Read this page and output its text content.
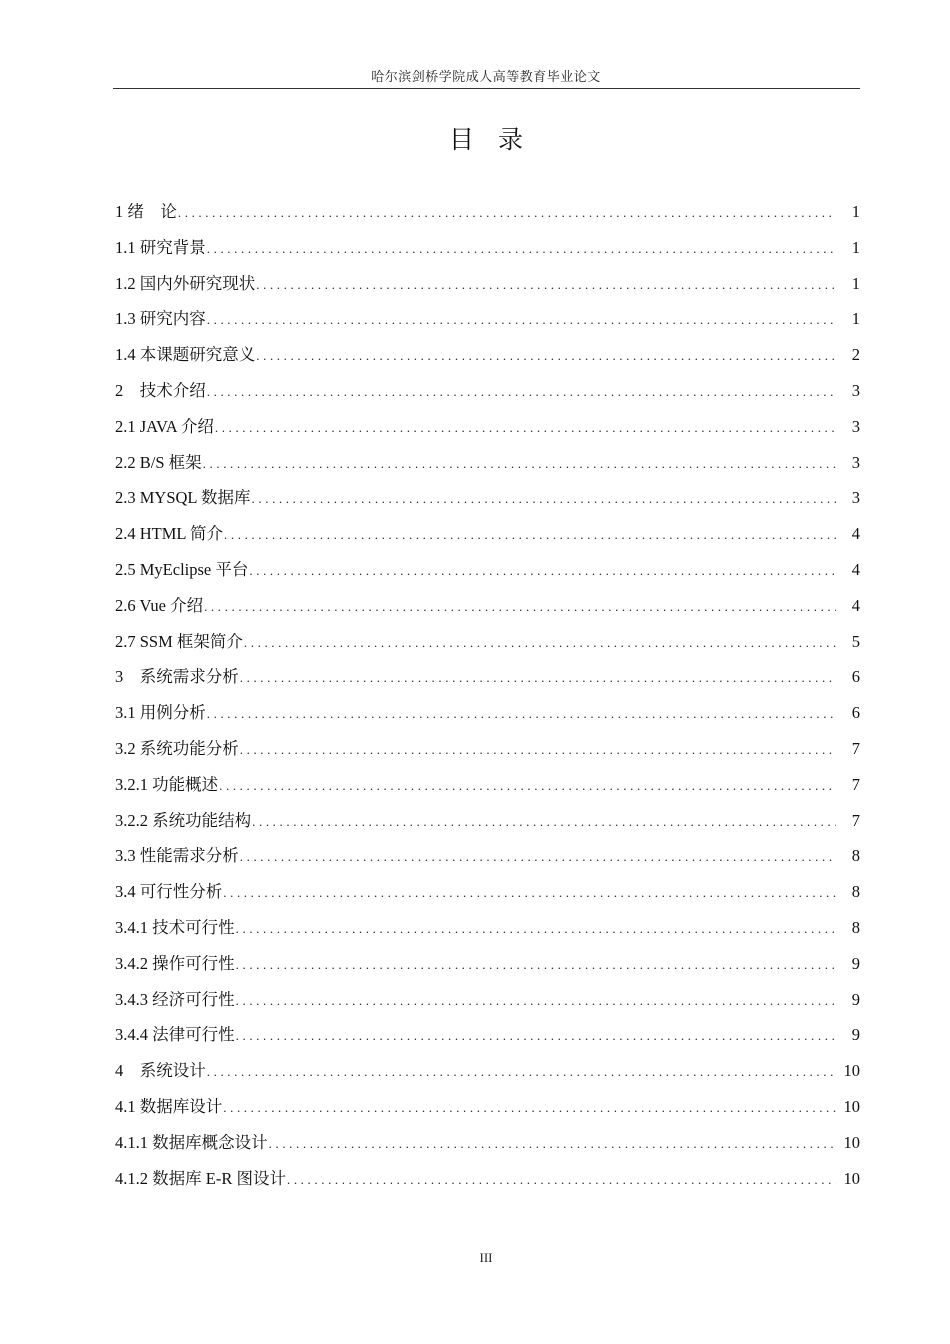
哈尔滨剑桥学院成人高等教育毕业论文
目录
1 绪　论 .....	1
1.1 研究背景 .....	1
1.2 国内外研究现状 .....	1
1.3 研究内容 .....	1
1.4 本课题研究意义 .....	2
2　技术介绍 .....	3
2.1 JAVA 介绍 .....	3
2.2 B/S 框架 .....	3
2.3 MYSQL 数据库 .....	3
2.4 HTML 简介 .....	4
2.5 MyEclipse 平台 .....	4
2.6 Vue 介绍 .....	4
2.7 SSM 框架简介 .....	5
3　系统需求分析 .....	6
3.1 用例分析 .....	6
3.2 系统功能分析 .....	7
3.2.1 功能概述 .....	7
3.2.2 系统功能结构 .....	7
3.3 性能需求分析 .....	8
3.4 可行性分析 .....	8
3.4.1 技术可行性 .....	8
3.4.2 操作可行性 .....	9
3.4.3 经济可行性 .....	9
3.4.4 法律可行性 .....	9
4　系统设计 .....	10
4.1 数据库设计 .....	10
4.1.1 数据库概念设计 .....	10
4.1.2 数据库 E-R 图设计 .....	10
III
